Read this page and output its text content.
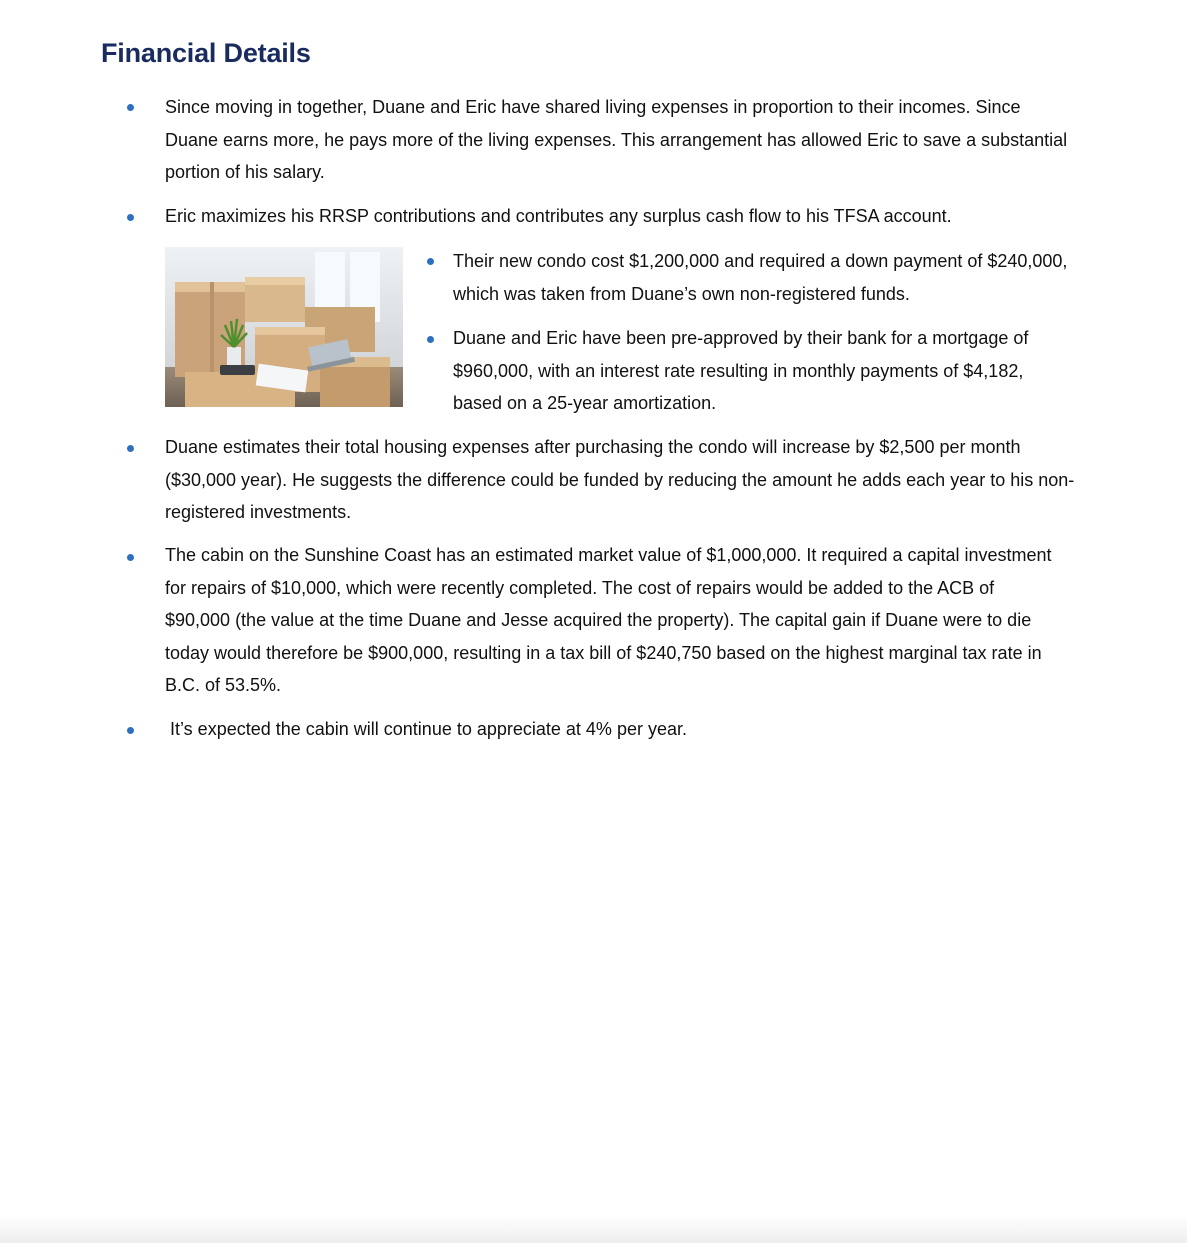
Financial Details

Since moving in together, Duane and Eric have shared living expenses in proportion to their incomes. Since Duane earns more, he pays more of the living expenses. This arrangement has allowed Eric to save a substantial portion of his salary.

Eric maximizes his RRSP contributions and contributes any surplus cash flow to his TFSA account.

Their new condo cost $1,200,000 and required a down payment of $240,000, which was taken from Duane’s own non-registered funds.

Duane and Eric have been pre-approved by their bank for a mortgage of $960,000, with an interest rate resulting in monthly payments of $4,182, based on a 25-year amortization.

Duane estimates their total housing expenses after purchasing the condo will increase by $2,500 per month ($30,000 year). He suggests the difference could be funded by reducing the amount he adds each year to his non-registered investments.

The cabin on the Sunshine Coast has an estimated market value of $1,000,000. It required a capital investment for repairs of $10,000, which were recently completed. The cost of repairs would be added to the ACB of $90,000 (the value at the time Duane and Jesse acquired the property). The capital gain if Duane were to die today would therefore be $900,000, resulting in a tax bill of $240,750 based on the highest marginal tax rate in B.C. of 53.5%.

It’s expected the cabin will continue to appreciate at 4% per year.
